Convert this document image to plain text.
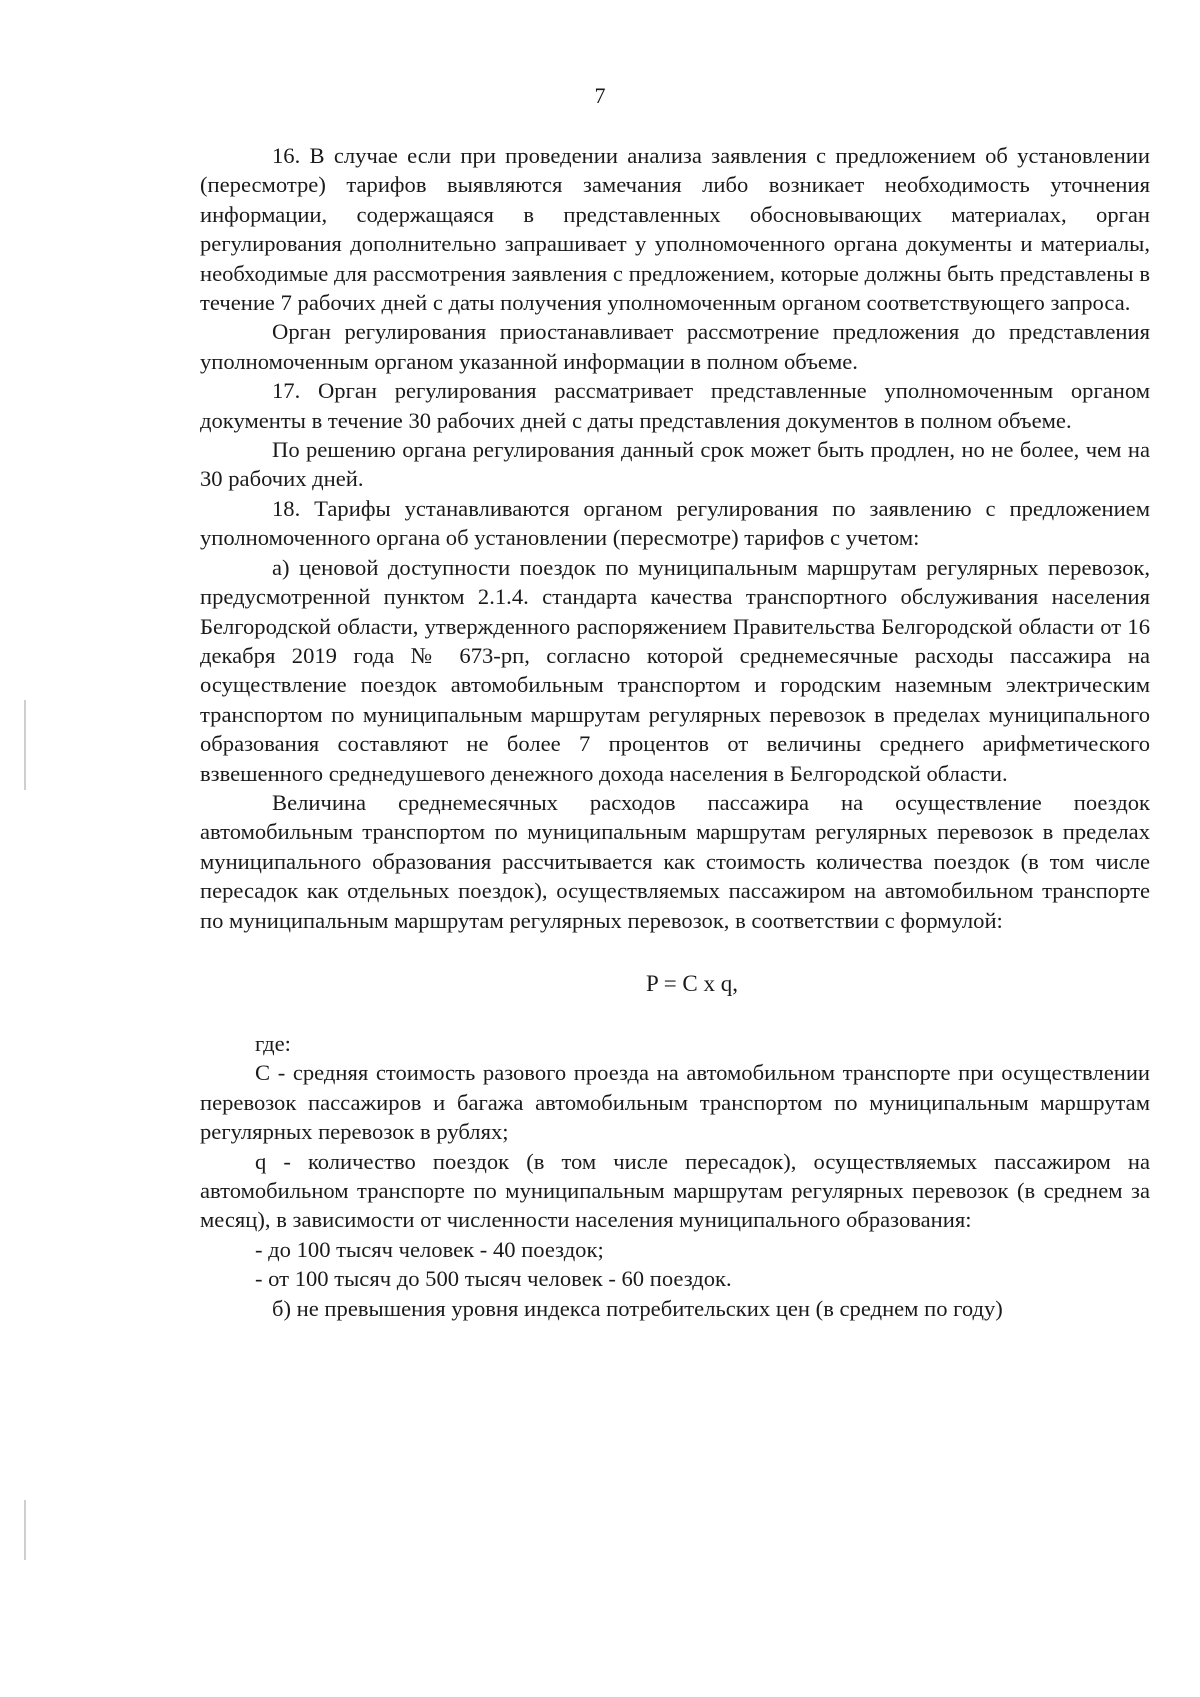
7

16. В случае если при проведении анализа заявления с предложением об установлении (пересмотре) тарифов выявляются замечания либо возникает необходимость уточнения информации, содержащаяся в представленных обосновывающих материалах, орган регулирования дополнительно запрашивает у уполномоченного органа документы и материалы, необходимые для рассмотрения заявления с предложением, которые должны быть представлены в течение 7 рабочих дней с даты получения уполномоченным органом соответствующего запроса.

Орган регулирования приостанавливает рассмотрение предложения до представления уполномоченным органом указанной информации в полном объеме.

17. Орган регулирования рассматривает представленные уполномоченным органом документы в течение 30 рабочих дней с даты представления документов в полном объеме.

По решению органа регулирования данный срок может быть продлен, но не более, чем на 30 рабочих дней.

18. Тарифы устанавливаются органом регулирования по заявлению с предложением уполномоченного органа об установлении (пересмотре) тарифов с учетом:

а) ценовой доступности поездок по муниципальным маршрутам регулярных перевозок, предусмотренной пунктом 2.1.4. стандарта качества транспортного обслуживания населения Белгородской области, утвержденного распоряжением Правительства Белгородской области от 16 декабря 2019 года № 673-рп, согласно которой среднемесячные расходы пассажира на осуществление поездок автомобильным транспортом и городским наземным электрическим транспортом по муниципальным маршрутам регулярных перевозок в пределах муниципального образования составляют не более 7 процентов от величины среднего арифметического взвешенного среднедушевого денежного дохода населения в Белгородской области.

Величина среднемесячных расходов пассажира на осуществление поездок автомобильным транспортом по муниципальным маршрутам регулярных перевозок в пределах муниципального образования рассчитывается как стоимость количества поездок (в том числе пересадок как отдельных поездок), осуществляемых пассажиром на автомобильном транспорте по муниципальным маршрутам регулярных перевозок, в соответствии с формулой:

P = C x q,

где:

С - средняя стоимость разового проезда на автомобильном транспорте при осуществлении перевозок пассажиров и багажа автомобильным транспортом по муниципальным маршрутам регулярных перевозок в рублях;

q - количество поездок (в том числе пересадок), осуществляемых пассажиром на автомобильном транспорте по муниципальным маршрутам регулярных перевозок (в среднем за месяц), в зависимости от численности населения муниципального образования:

- до 100 тысяч человек - 40 поездок;

- от 100 тысяч до 500 тысяч человек - 60 поездок.

б) не превышения уровня индекса потребительских цен (в среднем по году)
